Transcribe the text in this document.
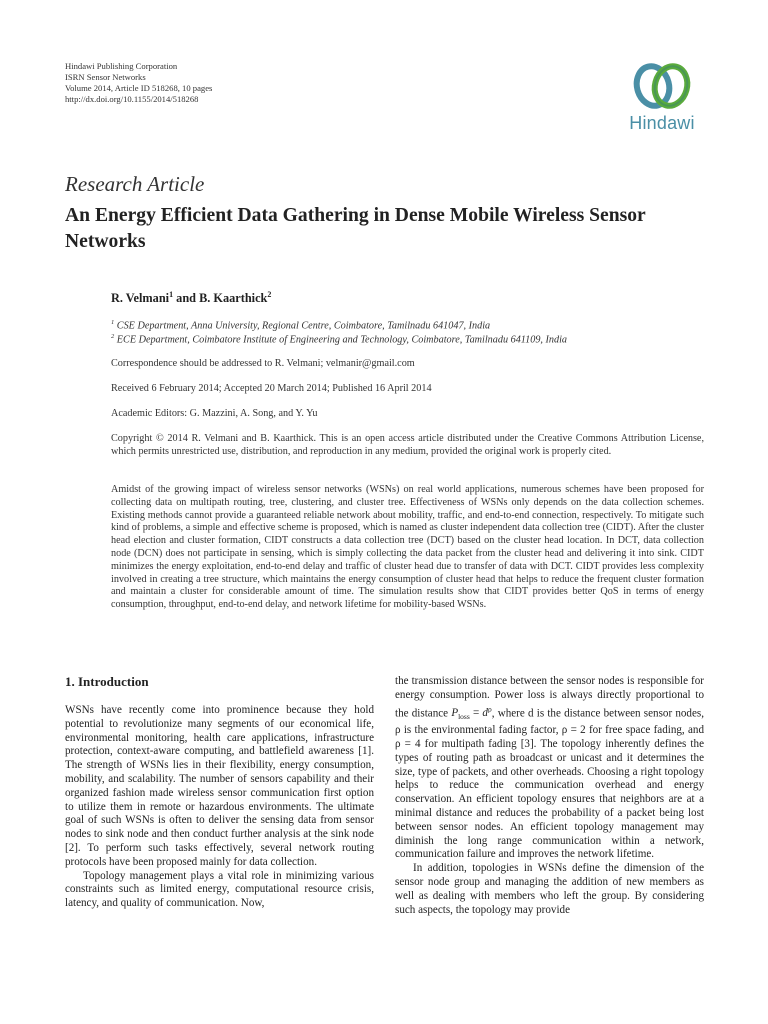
Hindawi Publishing Corporation
ISRN Sensor Networks
Volume 2014, Article ID 518268, 10 pages
http://dx.doi.org/10.1155/2014/518268
Hindawi
Research Article
An Energy Efficient Data Gathering in Dense Mobile Wireless Sensor Networks
R. Velmani$^1$ and B. Kaarthick$^2$
$^1$ CSE Department, Anna University, Regional Centre, Coimbatore, Tamilnadu 641047, India
$^2$ ECE Department, Coimbatore Institute of Engineering and Technology, Coimbatore, Tamilnadu 641109, India
Correspondence should be addressed to R. Velmani; velmanir@gmail.com
Received 6 February 2014; Accepted 20 March 2014; Published 16 April 2014
Academic Editors: G. Mazzini, A. Song, and Y. Yu
Copyright © 2014 R. Velmani and B. Kaarthick. This is an open access article distributed under the Creative Commons Attribution License, which permits unrestricted use, distribution, and reproduction in any medium, provided the original work is properly cited.
Amidst of the growing impact of wireless sensor networks (WSNs) on real world applications, numerous schemes have been proposed for collecting data on multipath routing, tree, clustering, and cluster tree. Effectiveness of WSNs only depends on the data collection schemes. Existing methods cannot provide a guaranteed reliable network about mobility, traffic, and end-to-end connection, respectively. To mitigate such kind of problems, a simple and effective scheme is proposed, which is named as cluster independent data collection tree (CIDT). After the cluster head election and cluster formation, CIDT constructs a data collection tree (DCT) based on the cluster head location. In DCT, data collection node (DCN) does not participate in sensing, which is simply collecting the data packet from the cluster head and delivering it into sink. CIDT minimizes the energy exploitation, end-to-end delay and traffic of cluster head due to transfer of data with DCT. CIDT provides less complexity involved in creating a tree structure, which maintains the energy consumption of cluster head that helps to reduce the frequent cluster formation and maintain a cluster for considerable amount of time. The simulation results show that CIDT provides better QoS in terms of energy consumption, throughput, end-to-end delay, and network lifetime for mobility-based WSNs.
1. Introduction

WSNs have recently come into prominence because they hold potential to revolutionize many segments of our economical life, environmental monitoring, health care applications, infrastructure protection, context-aware computing, and battlefield awareness [1]. The strength of WSNs lies in their flexibility, energy consumption, mobility, and scalability. The number of sensors capability and their organized fashion made wireless sensor communication first option to utilize them in remote or hazardous environments. The ultimate goal of such WSNs is often to deliver the sensing data from sensor nodes to sink node and then conduct further analysis at the sink node [2]. To perform such tasks effectively, several network routing protocols have been proposed mainly for data collection.

Topology management plays a vital role in minimizing various constraints such as limited energy, computational resource crisis, latency, and quality of communication. Now,

the transmission distance between the sensor nodes is responsible for energy consumption. Power loss is always directly proportional to the distance $P_{loss} = d^\rho$, where d is the distance between sensor nodes, ρ is the environmental fading factor, ρ = 2 for free space fading, and ρ = 4 for multipath fading [3]. The topology inherently defines the types of routing path as broadcast or unicast and it determines the size, type of packets, and other overheads. Choosing a right topology helps to reduce the communication overhead and energy conservation. An efficient topology ensures that neighbors are at a minimal distance and reduces the probability of a packet being lost between sensor nodes. An efficient topology management may diminish the long range communication within a network, communication failure and improves the network lifetime.

In addition, topologies in WSNs define the dimension of the sensor node group and managing the addition of new members as well as dealing with members who left the group. By considering such aspects, the topology may provide
